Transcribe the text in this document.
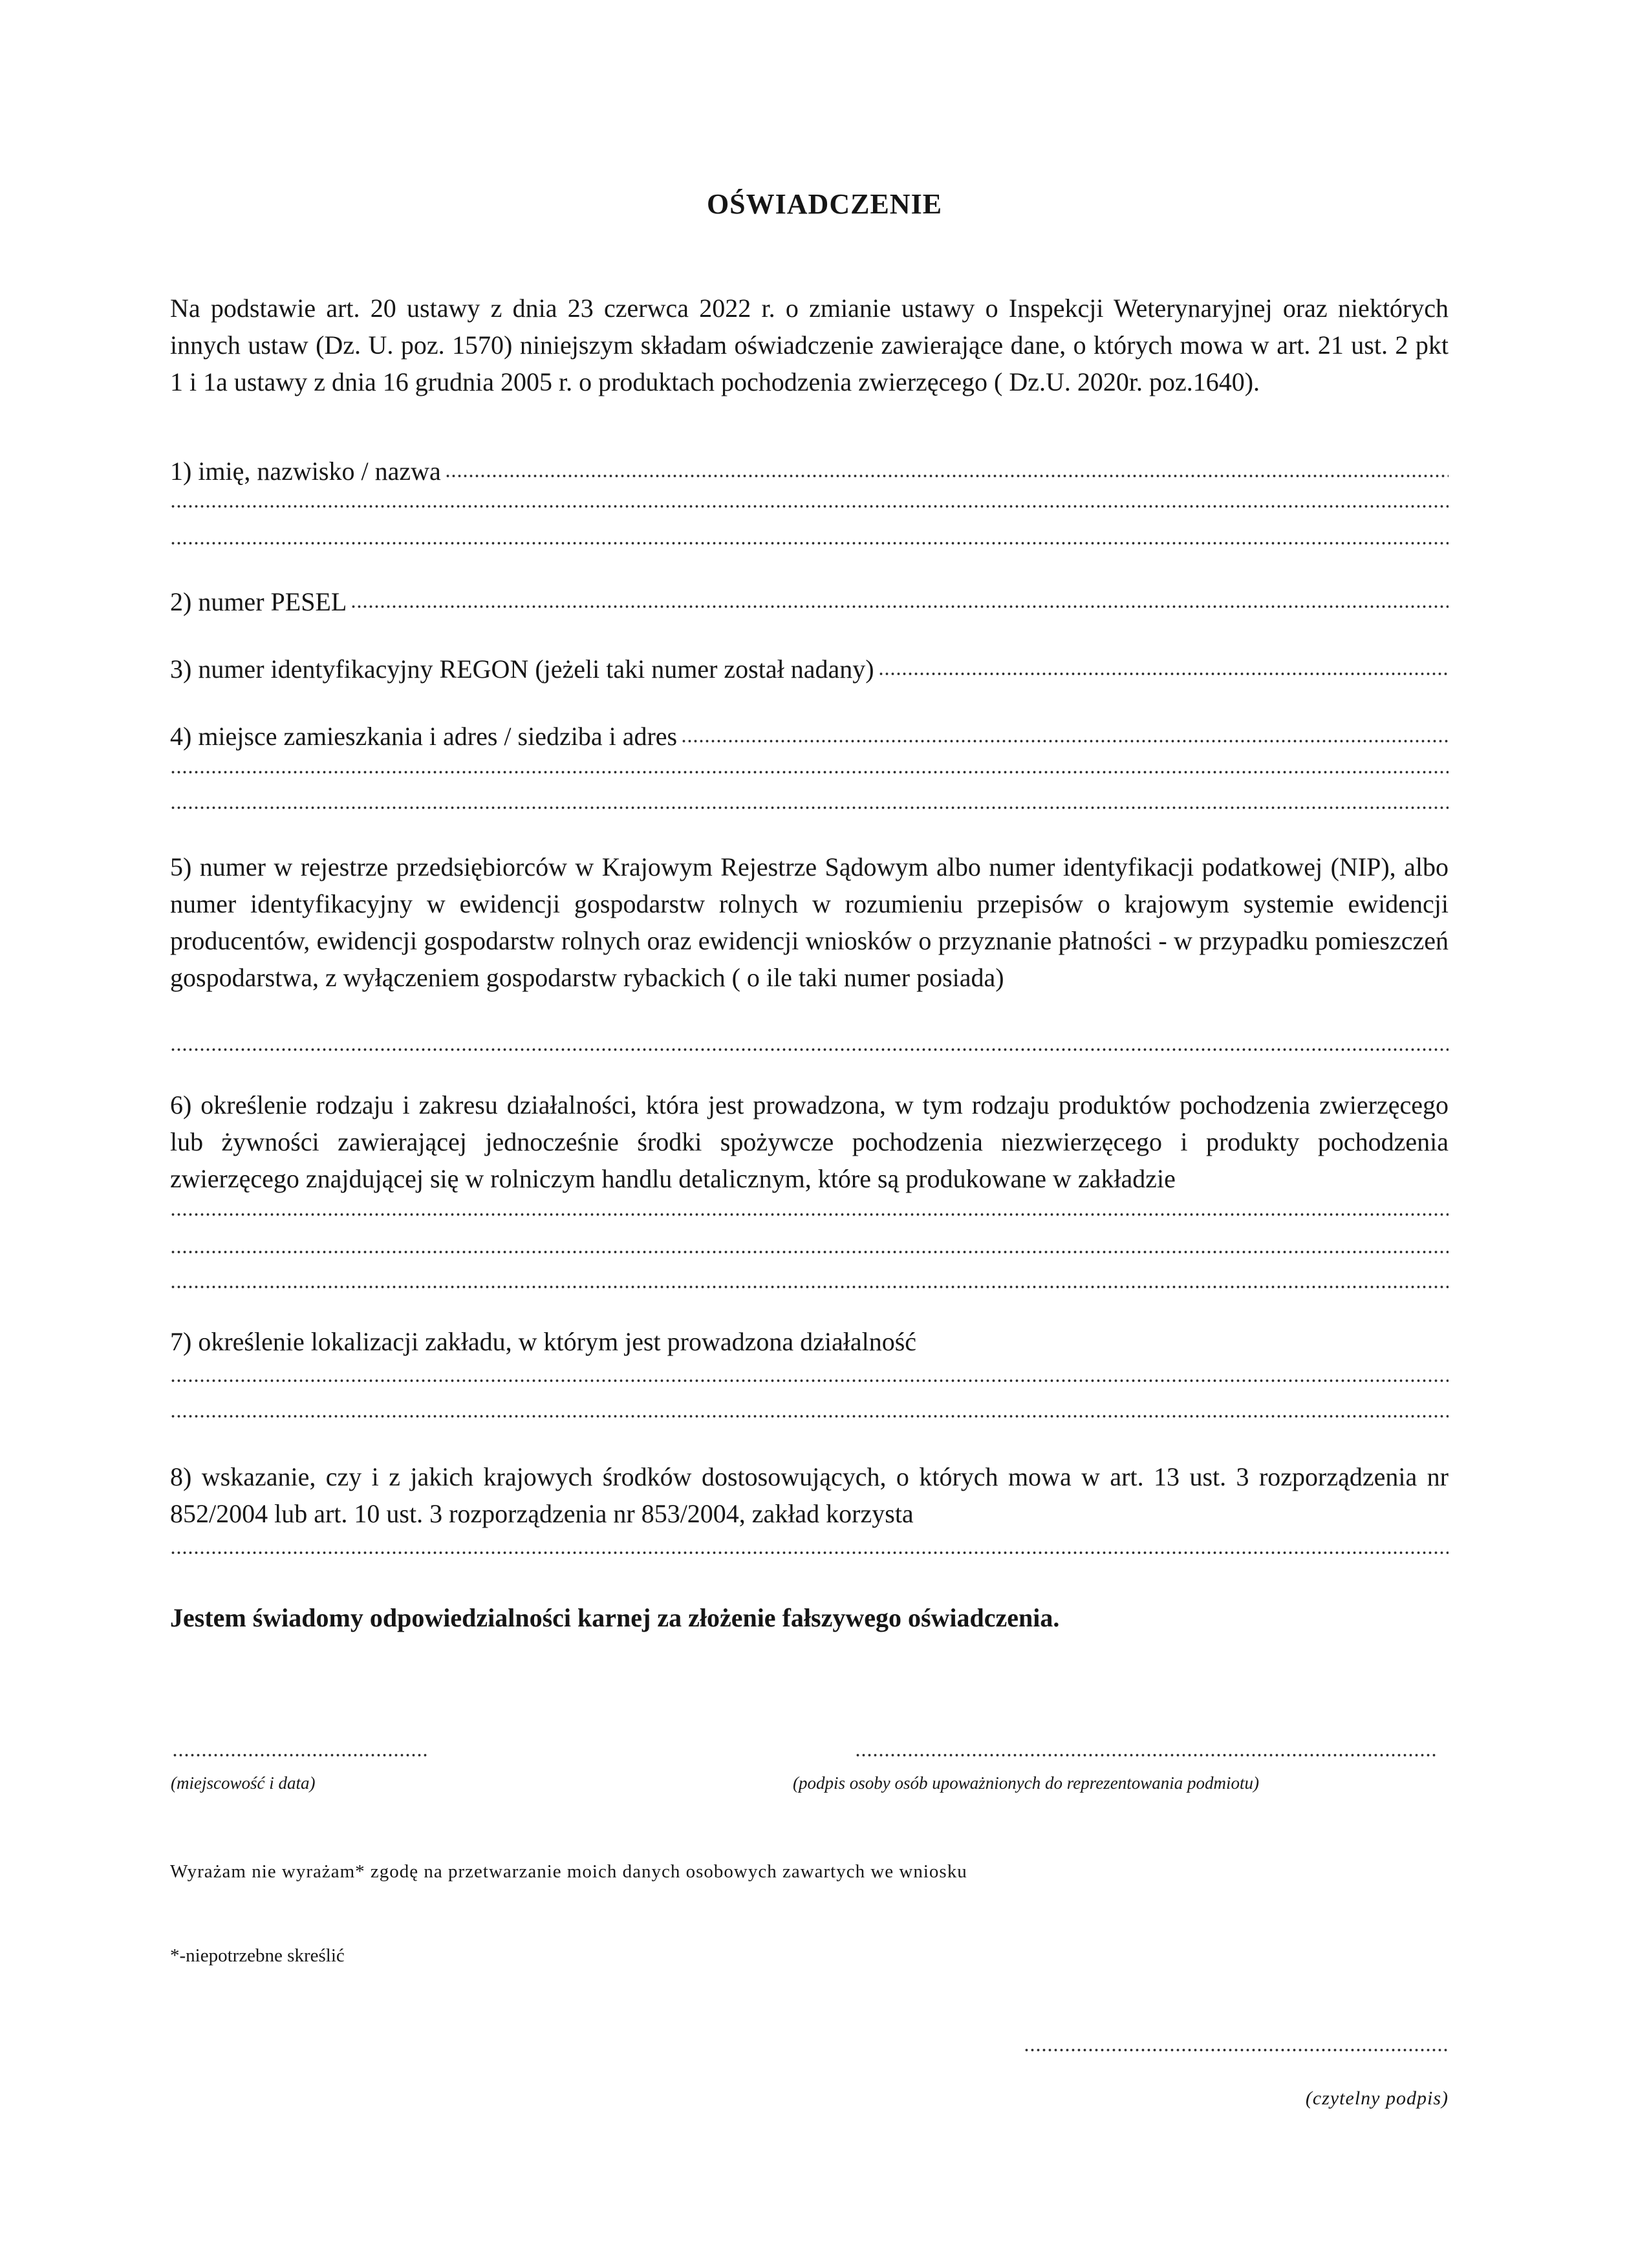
OŚWIADCZENIE

Na podstawie art. 20 ustawy z dnia 23 czerwca 2022 r. o zmianie ustawy o Inspekcji Weterynaryjnej oraz niektórych innych ustaw (Dz. U. poz. 1570) niniejszym składam oświadczenie zawierające dane, o których mowa w art. 21 ust. 2 pkt 1 i 1a ustawy z dnia 16 grudnia 2005 r. o produktach pochodzenia zwierzęcego ( Dz.U. 2020r. poz.1640).

1) imię, nazwisko / nazwa
2) numer PESEL
3) numer identyfikacyjny REGON (jeżeli taki numer został nadany)
4) miejsce zamieszkania i adres / siedziba i adres

5) numer w rejestrze przedsiębiorców w Krajowym Rejestrze Sądowym albo numer identyfikacji podatkowej (NIP), albo numer identyfikacyjny w ewidencji gospodarstw rolnych w rozumieniu przepisów o krajowym systemie ewidencji producentów, ewidencji gospodarstw rolnych oraz ewidencji wniosków o przyznanie płatności - w przypadku pomieszczeń gospodarstwa, z wyłączeniem gospodarstw rybackich ( o ile taki numer posiada)

6) określenie rodzaju i zakresu działalności, która jest prowadzona, w tym rodzaju produktów pochodzenia zwierzęcego lub żywności zawierającej jednocześnie środki spożywcze pochodzenia niezwierzęcego i produkty pochodzenia zwierzęcego znajdującej się w rolniczym handlu detalicznym, które są produkowane w zakładzie

7) określenie lokalizacji zakładu, w którym jest prowadzona działalność

8) wskazanie, czy i z jakich krajowych środków dostosowujących, o których mowa w art. 13 ust. 3 rozporządzenia nr 852/2004 lub art. 10 ust. 3 rozporządzenia nr 853/2004, zakład korzysta

Jestem świadomy odpowiedzialności karnej za złożenie fałszywego oświadczenia.

(miejscowość i data)	(podpis osoby osób upoważnionych do reprezentowania podmiotu)

Wyrażam nie wyrażam* zgodę na przetwarzanie moich danych osobowych zawartych we wniosku

*-niepotrzebne skreślić

(czytelny podpis)
